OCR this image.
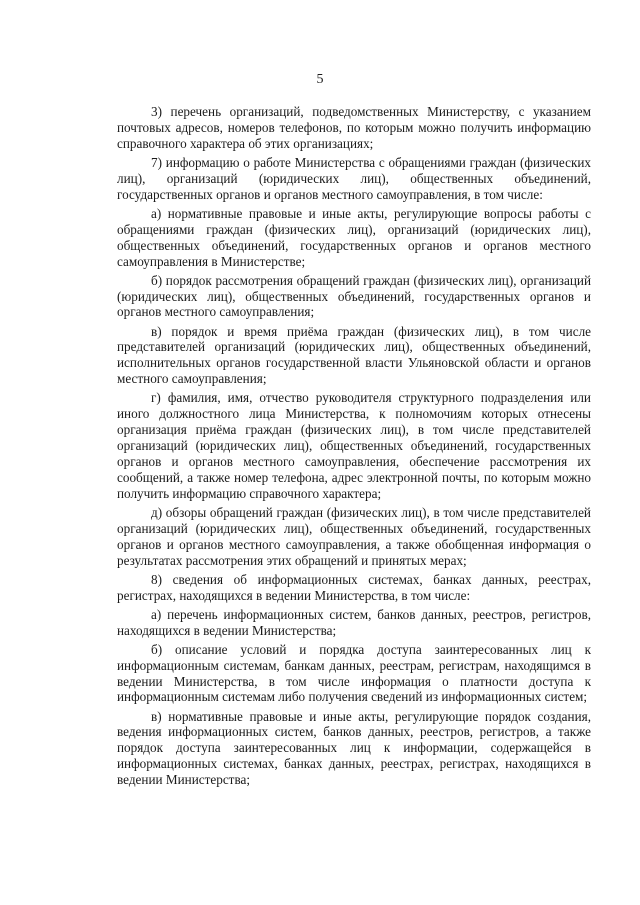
5

3) перечень организаций, подведомственных Министерству, с указанием почтовых адресов, номеров телефонов, по которым можно получить информацию справочного характера об этих организациях;

7) информацию о работе Министерства с обращениями граждан (физических лиц), организаций (юридических лиц), общественных объединений, государственных органов и органов местного самоуправления, в том числе:

а) нормативные правовые и иные акты, регулирующие вопросы работы с обращениями граждан (физических лиц), организаций (юридических лиц), общественных объединений, государственных органов и органов местного самоуправления в Министерстве;

б) порядок рассмотрения обращений граждан (физических лиц), организаций (юридических лиц), общественных объединений, государственных органов и органов местного самоуправления;

в) порядок и время приёма граждан (физических лиц), в том числе представителей организаций (юридических лиц), общественных объединений, исполнительных органов государственной власти Ульяновской области и органов местного самоуправления;

г) фамилия, имя, отчество руководителя структурного подразделения или иного должностного лица Министерства, к полномочиям которых отнесены организация приёма граждан (физических лиц), в том числе представителей организаций (юридических лиц), общественных объединений, государственных органов и органов местного самоуправления, обеспечение рассмотрения их сообщений, а также номер телефона, адрес электронной почты, по которым можно получить информацию справочного характера;

д) обзоры обращений граждан (физических лиц), в том числе представителей организаций (юридических лиц), общественных объединений, государственных органов и органов местного самоуправления, а также обобщенная информация о результатах рассмотрения этих обращений и принятых мерах;

8) сведения об информационных системах, банках данных, реестрах, регистрах, находящихся в ведении Министерства, в том числе:

а) перечень информационных систем, банков данных, реестров, регистров, находящихся в ведении Министерства;

б) описание условий и порядка доступа заинтересованных лиц к информационным системам, банкам данных, реестрам, регистрам, находящимся в ведении Министерства, в том числе информация о платности доступа к информационным системам либо получения сведений из информационных систем;

в) нормативные правовые и иные акты, регулирующие порядок создания, ведения информационных систем, банков данных, реестров, регистров, а также порядок доступа заинтересованных лиц к информации, содержащейся в информационных системах, банках данных, реестрах, регистрах, находящихся в ведении Министерства;
